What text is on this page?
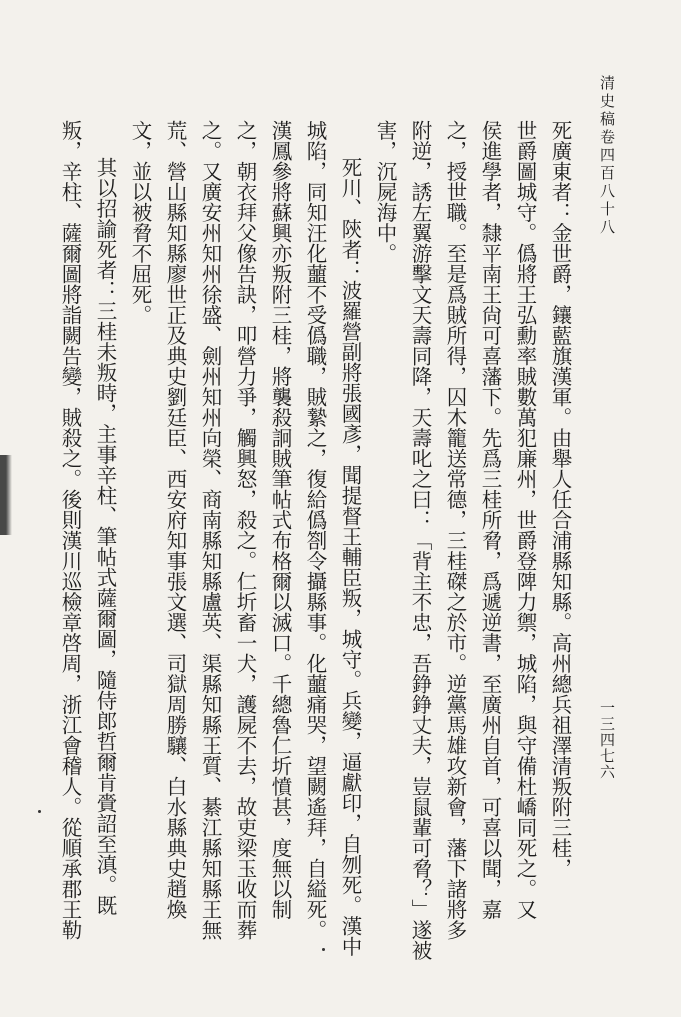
清史稿卷四百八十八
一三四七六
死廣東者：金世爵，鑲藍旗漢軍。由舉人任合浦縣知縣。高州總兵祖澤清叛附三桂，
世爵圖城守。僞將王弘勳率賊數萬犯廉州，世爵登陴力禦，城陷，與守備杜嶠同死之。又
侯進學者，隸平南王尙可喜藩下。先爲三桂所脅，爲遞逆書，至廣州自首，可喜以聞，嘉
之，授世職。至是爲賊所得，囚木籠送常德，三桂磔之於市。逆黨馬雄攻新會，藩下諸將多
附逆，誘左翼游擊文天壽同降，天壽叱之曰：「背主不忠，吾錚錚丈夫，豈鼠輩可脅？」遂被
害，沉屍海中。
死川、陝者：波羅營副將張國彥，聞提督王輔臣叛，城守。兵變，逼獻印，自刎死。漢中
城陷，同知汪化蘁不受僞職，賊縶之，復給僞劄令攝縣事。化蘁痛哭，望闕遙拜，自縊死。
漢鳳參將蘇興亦叛附三桂，將襲殺詗賊筆帖式布格爾以滅口。千總魯仁圻憤甚，度無以制
之，朝衣拜父像告訣，叩營力爭，觸興怒，殺之。仁圻畜一犬，護屍不去，故吏梁玉收而葬
之。又廣安州知州徐盛、劍州知州向榮、商南縣知縣盧英、渠縣知縣王質、綦江縣知縣王無
荒、營山縣知縣廖世正及典史劉廷臣、西安府知事張文選、司獄周勝驤、白水縣典史趙煥
文，並以被脅不屈死。
其以招諭死者：三桂未叛時，主事辛柱、筆帖式薩爾圖，隨侍郎哲爾肯賫詔至滇。既
叛，辛柱、薩爾圖將詣闕告變，賊殺之。後則漢川巡檢章啓周，浙江會稽人。從順承郡王勒
